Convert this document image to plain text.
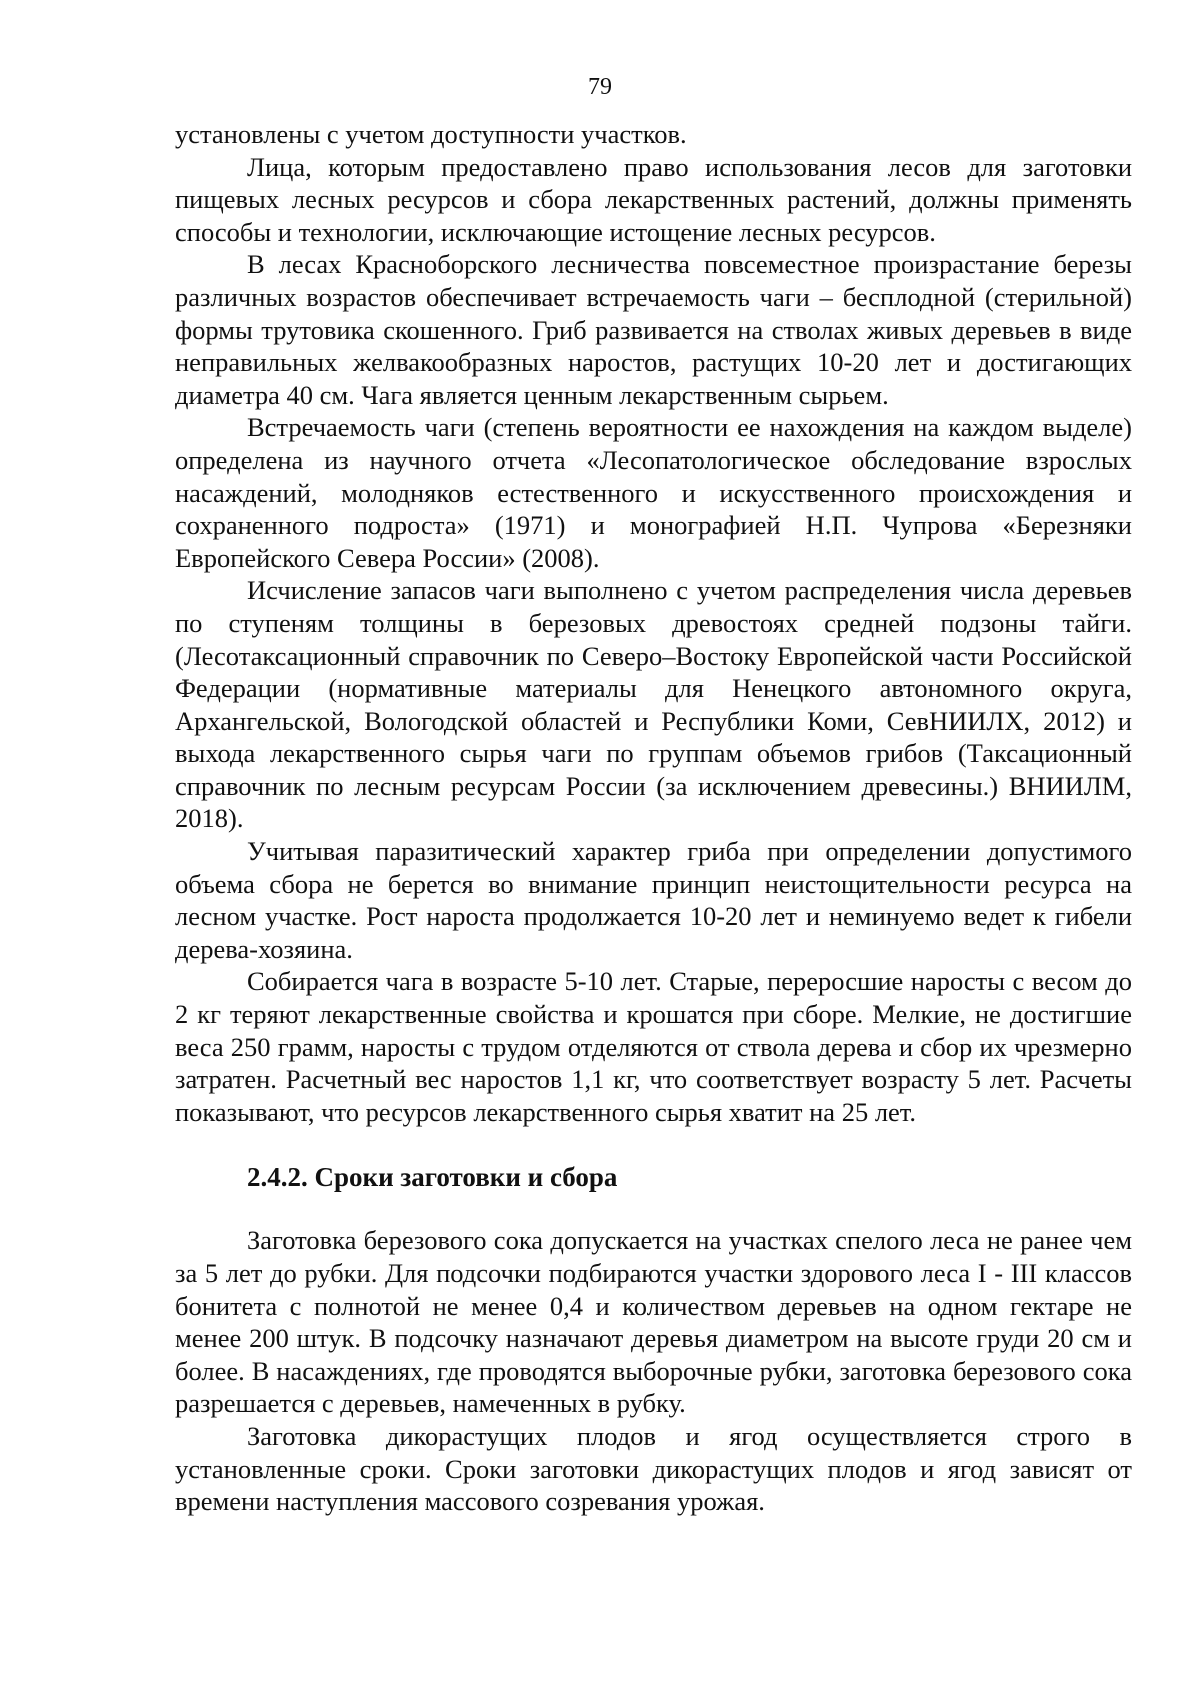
79

установлены с учетом доступности участков.

Лица, которым предоставлено право использования лесов для заготовки пищевых лесных ресурсов и сбора лекарственных растений, должны применять способы и технологии, исключающие истощение лесных ресурсов.

В лесах Красноборского лесничества повсеместное произрастание березы различных возрастов обеспечивает встречаемость чаги – бесплодной (стерильной) формы трутовика скошенного. Гриб развивается на стволах живых деревьев в виде неправильных желвакообразных наростов, растущих 10-20 лет и достигающих диаметра 40 см. Чага является ценным лекарственным сырьем.

Встречаемость чаги (степень вероятности ее нахождения на каждом выделе) определена из научного отчета «Лесопатологическое обследование взрослых насаждений, молодняков естественного и искусственного происхождения и сохраненного подроста» (1971) и монографией Н.П. Чупрова «Березняки Европейского Севера России» (2008).

Исчисление запасов чаги выполнено с учетом распределения числа деревьев по ступеням толщины в березовых древостоях средней подзоны тайги. (Лесотаксационный справочник по Северо–Востоку Европейской части Российской Федерации (нормативные материалы для Ненецкого автономного округа, Архангельской, Вологодской областей и Республики Коми, СевНИИЛХ, 2012) и выхода лекарственного сырья чаги по группам объемов грибов (Таксационный справочник по лесным ресурсам России (за исключением древесины.) ВНИИЛМ, 2018).

Учитывая паразитический характер гриба при определении допустимого объема сбора не берется во внимание принцип неистощительности ресурса на лесном участке. Рост нароста продолжается 10-20 лет и неминуемо ведет к гибели дерева-хозяина.

Собирается чага в возрасте 5-10 лет. Старые, переросшие наросты с весом до 2 кг теряют лекарственные свойства и крошатся при сборе. Мелкие, не достигшие веса 250 грамм, наросты с трудом отделяются от ствола дерева и сбор их чрезмерно затратен. Расчетный вес наростов 1,1 кг, что соответствует возрасту 5 лет. Расчеты показывают, что ресурсов лекарственного сырья хватит на 25 лет.

2.4.2. Сроки заготовки и сбора

Заготовка березового сока допускается на участках спелого леса не ранее чем за 5 лет до рубки. Для подсочки подбираются участки здорового леса I - III классов бонитета с полнотой не менее 0,4 и количеством деревьев на одном гектаре не менее 200 штук. В подсочку назначают деревья диаметром на высоте груди 20 см и более. В насаждениях, где проводятся выборочные рубки, заготовка березового сока разрешается с деревьев, намеченных в рубку.

Заготовка дикорастущих плодов и ягод осуществляется строго в установленные сроки. Сроки заготовки дикорастущих плодов и ягод зависят от времени наступления массового созревания урожая.
